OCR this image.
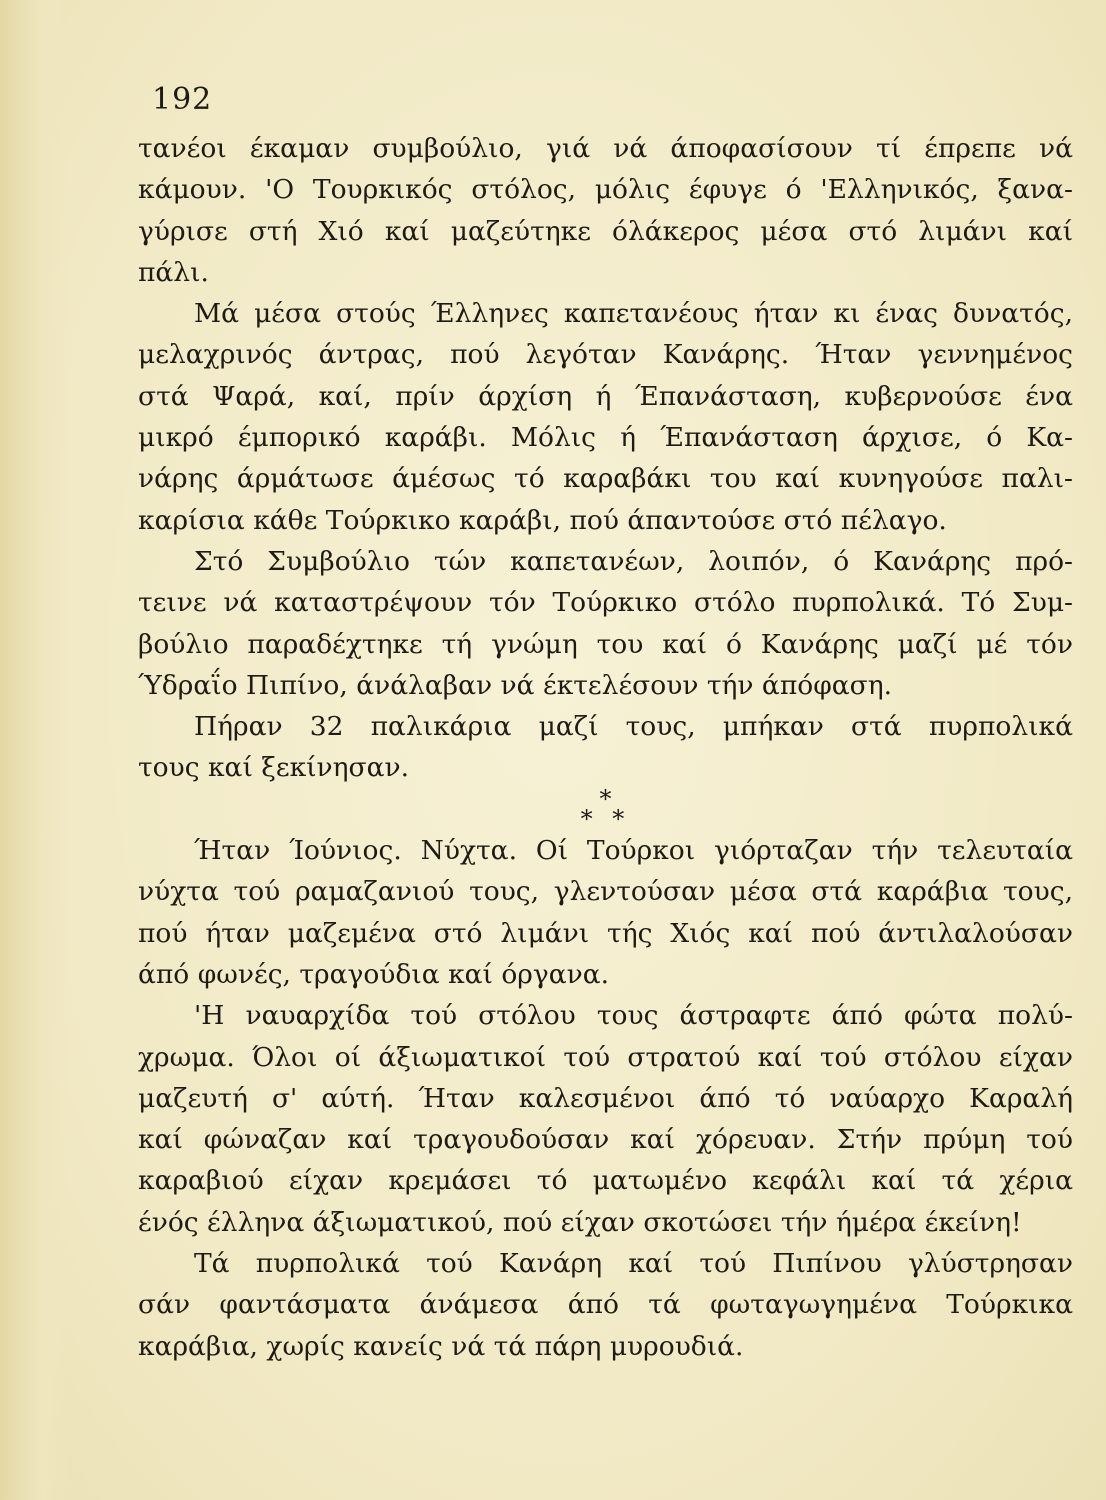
192
τανέοι έκαμαν συμβούλιο, γιά νά άποφασίσουν τί έπρεπε νά
κάμουν. 'Ο Τουρκικός στόλος, μόλις έφυγε ό 'Ελληνικός, ξανα-
γύρισε στή Χιό καί μαζεύτηκε όλάκερος μέσα στό λιμάνι καί
πάλι.
Μά μέσα στούς Έλληνες καπετανέους ήταν κι ένας δυνατός,
μελαχρινός άντρας, πού λεγόταν Κανάρης. Ήταν γεννημένος
στά Ψαρά, καί, πρίν άρχίση ή Έπανάσταση, κυβερνούσε ένα
μικρό έμπορικό καράβι. Μόλις ή Έπανάσταση άρχισε, ό Κα-
νάρης άρμάτωσε άμέσως τό καραβάκι του καί κυνηγούσε παλι-
καρίσια κάθε Τούρκικο καράβι, πού άπαντούσε στό πέλαγο.
Στό Συμβούλιο τών καπετανέων, λοιπόν, ό Κανάρης πρό-
τεινε νά καταστρέψουν τόν Τούρκικο στόλο πυρπολικά. Τό Συμ-
βούλιο παραδέχτηκε τή γνώμη του καί ό Κανάρης μαζί μέ τόν
Ύδραΐο Πιπίνο, άνάλαβαν νά έκτελέσουν τήν άπόφαση.
Πήραν 32 παλικάρια μαζί τους, μπήκαν στά πυρπολικά
τους καί ξεκίνησαν.
*
* *
Ήταν Ίούνιος. Νύχτα. Οί Τούρκοι γιόρταζαν τήν τελευταία
νύχτα τού ραμαζανιού τους, γλεντούσαν μέσα στά καράβια τους,
πού ήταν μαζεμένα στό λιμάνι τής Χιός καί πού άντιλαλούσαν
άπό φωνές, τραγούδια καί όργανα.
'Η ναυαρχίδα τού στόλου τους άστραφτε άπό φώτα πολύ-
χρωμα. Όλοι οί άξιωματικοί τού στρατού καί τού στόλου είχαν
μαζευτή σ' αύτή. Ήταν καλεσμένοι άπό τό ναύαρχο Καραλή
καί φώναζαν καί τραγουδούσαν καί χόρευαν. Στήν πρύμη τού
καραβιού είχαν κρεμάσει τό ματωμένο κεφάλι καί τά χέρια
ένός έλληνα άξιωματικού, πού είχαν σκοτώσει τήν ήμέρα έκείνη!
Τά πυρπολικά τού Κανάρη καί τού Πιπίνου γλύστρησαν
σάν φαντάσματα άνάμεσα άπό τά φωταγωγημένα Τούρκικα
καράβια, χωρίς κανείς νά τά πάρη μυρουδιά.
